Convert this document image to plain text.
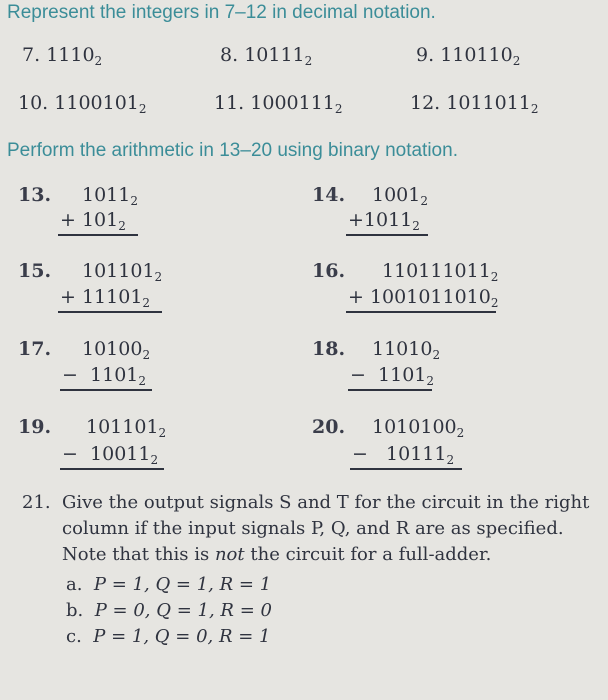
Represent the integers in 7–12 in decimal notation.
7. $1110_2$	8. $10111_2$	9. $110110_2$
10. $1100101_2$	11. $1000111_2$	12. $1011011_2$
Perform the arithmetic in 13–20 using binary notation.
13. $1011_2$
+ $101_2$
14. $1001_2$
$+1011_2$
15. $101101_2$
+ $11101_2$
16. $110111011_2$
+ $1001011010_2$
17. $10100_2$
− $1101_2$
18. $11010_2$
− $1101_2$
19. $101101_2$
− $10011_2$
20. $1010100_2$
− $10111_2$
21. Give the output signals S and T for the circuit in the right
column if the input signals P, Q, and R are as specified.
Note that this is not the circuit for a full-adder.
a. P = 1, Q = 1, R = 1
b. P = 0, Q = 1, R = 0
c. P = 1, Q = 0, R = 1
